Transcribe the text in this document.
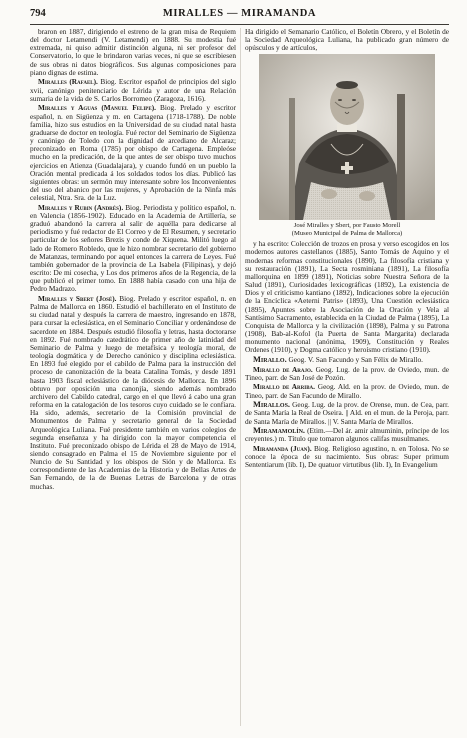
794	MIRALLES — MIRAMANDA

braron en 1887, dirigiendo el estreno de la gran misa de Requiem del doctor Letamendi (V. Letamendi) en 1888. Su modestia fué extremada, ni quiso admitir distinción alguna, ni ser profesor del Conservatorio, lo que le brindaron varias veces, ni que se escribiesen de sus obras ni datos biográficos. Sus algunas composiciones para piano dignas de estima.

Miralles (Rafael). Biog. Escritor español de principios del siglo xvii, canónigo penitenciario de Lérida y autor de una Relación sumaria de la vida de S. Carlos Borromeo (Zaragoza, 1616).

Miralles y Aguas (Manuel Felipe). Biog. Prelado y escritor español, n. en Sigüenza y m. en Cartagena (1718-1788). De noble familia, hizo sus estudios en la Universidad de su ciudad natal hasta graduarse de doctor en teología. Fué rector del Seminario de Sigüenza y canónigo de Toledo con la dignidad de arcediano de Alcaraz; preconizado en Roma (1785) por obispo de Cartagena. Empleóse mucho en la predicación, de la que antes de ser obispo tuvo muchos ejercicios en Atienza (Guadalajara), y cuando fundó en un pueblo la Oración mental predicada á los soldados todos los días. Publicó las siguientes obras: un sermón muy interesante sobre los Inconvenientes del uso del abanico por las mujeres, y Aprobación de la Ninfa más celestial, Ntra. Sra. de la Luz.

Miralles y Rubin (Andrés). Biog. Periodista y político español, n. en Valencia (1856-1902). Educado en la Academia de Artillería, se graduó abandonó la carrera al salir de aquélla para dedicarse al periodismo y fué redactor de El Correo y de El Resumen, y secretario particular de los señores Brezis y conde de Xiquena. Militó luego al lado de Romero Robledo, que le hizo nombrar secretario del gobierno de Matanzas, terminando por aquel entonces la carrera de Leyes. Fué también gobernador de la provincia de La Isabela (Filipinas), y dejó escrito: De mi cosecha, y Los dos primeros años de la Regencia, de la que publicó el primer tomo. En 1888 había casado con una hija de Pedro Madrazo.

Miralles y Sbert (José). Biog. Prelado y escritor español, n. en Palma de Mallorca en 1860. Estudió el bachillerato en el Instituto de su ciudad natal y después la carrera de maestro, ingresando en 1878, para cursar la eclesiástica, en el Seminario Conciliar y ordenándose de sacerdote en 1884. Después estudió filosofía y letras, hasta doctorarse en 1892. Fué nombrado catedrático de primer año de latinidad del Seminario de Palma y luego de metafísica y teología moral, de teología dogmática y de Derecho canónico y disciplina eclesiástica. En 1893 fué elegido por el cabildo de Palma para la instrucción del proceso de canonización de la beata Catalina Tomás, y desde 1891 hasta 1903 fiscal eclesiástico de la diócesis de Mallorca. En 1896 obtuvo por oposición una canonjía, siendo además nombrado archivero del Cabildo catedral, cargo en el que llevó á cabo una gran reforma en la catalogación de los tesoros cuyo cuidado se le confiara. Ha sido, además, secretario de la Comisión provincial de Monumentos de Palma y secretario general de la Sociedad Arqueológica Luliana. Fué presidente también en varios colegios de segunda enseñanza y ha dirigido con la mayor competencia el Instituto. Fué preconizado obispo de Lérida el 28 de Mayo de 1914, siendo consagrado en Palma el 15 de Noviembre siguiente por el Nuncio de Su Santidad y los obispos de Sión y de Mallorca. Es correspondiente de las Academias de la Historia y de Bellas Artes de San Fernando, de la de Buenas Letras de Barcelona y de otras muchas.

Ha dirigido el Semanario Católico, el Boletín Obrero, y el Boletín de la Sociedad Arqueológica Luliana, ha publicado gran número de opúsculos y de artículos,

José Miralles y Sbert, por Fausto Morell
(Museo Municipal de Palma de Mallorca)

y ha escrito: Colección de trozos en prosa y verso escogidos en los modernos autores castellanos (1885), Santo Tomás de Aquino y el modernas reformas constitucionales (1890), La filosofía cristiana y su restauración (1891), La Secta rosminiana (1891), La filosofía mallorquina en 1899 (1891), Noticias sobre Nuestra Señora de la Salud (1891), Curiosidades lexicográficas (1892), La existencia de Dios y el criticismo kantiano (1892), Indicaciones sobre la ejecución de la Encíclica «Aeterni Patris» (1893), Una Cuestión eclesiástica (1895), Apuntes sobre la Asociación de la Oración y Vela al Santísimo Sacramento, establecida en la Ciudad de Palma (1895), La Conquista de Mallorca y la civilización (1898), Palma y su Patrona (1908), Bab-al-Kofol (la Puerta de Santa Margarita) declarada monumento nacional (anónima, 1909), Constitución y Reales Ordenes (1910), y Dogma católico y heroísmo cristiano (1910).

Mirallo. Geog. V. San Facundo y San Félix de Mirallo.

Mirallo de Arajo. Geog. Lug. de la prov. de Oviedo, mun. de Tineo, parr. de San José de Pozón.

Mirallo de Arriba. Geog. Ald. en la prov. de Oviedo, mun. de Tineo, parr. de San Facundo de Mirallo.

Mirallos. Geog. Lug. de la prov. de Orense, mun. de Cea, parr. de Santa María la Real de Oseira. || Ald. en el mun. de la Peroja, parr. de Santa María de Mirallos. || V. Santa María de Mirallos.

Miramamolín. (Etim.—Del ár. amir almuminin, príncipe de los creyentes.) m. Título que tomaron algunos califas musulmanes.

Miramanda (Juan). Biog. Religioso agustino, n. en Tolosa. No se conoce la época de su nacimiento. Sus obras: Super primum Sententiarum (lib. I), De quatuor virtutibus (lib. I), In Evangelium
